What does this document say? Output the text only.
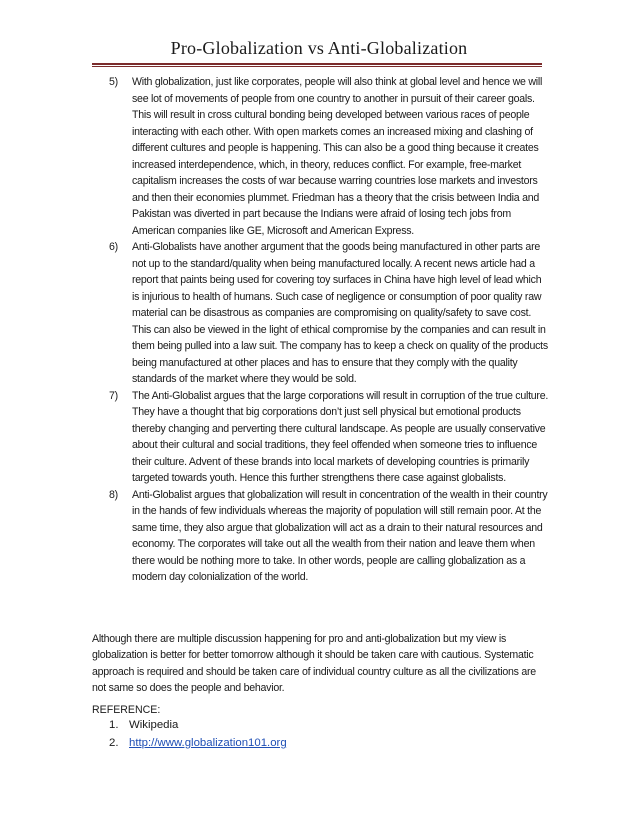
Pro-Globalization vs Anti-Globalization
5) With globalization, just like corporates, people will also think at global level and hence we will see lot of movements of people from one country to another in pursuit of their career goals. This will result in cross cultural bonding being developed between various races of people interacting with each other. With open markets comes an increased mixing and clashing of different cultures and people is happening. This can also be a good thing because it creates increased interdependence, which, in theory, reduces conflict. For example, free-market capitalism increases the costs of war because warring countries lose markets and investors and then their economies plummet. Friedman has a theory that the crisis between India and Pakistan was diverted in part because the Indians were afraid of losing tech jobs from American companies like GE, Microsoft and American Express.
6) Anti-Globalists have another argument that the goods being manufactured in other parts are not up to the standard/quality when being manufactured locally. A recent news article had a report that paints being used for covering toy surfaces in China have high level of lead which is injurious to health of humans. Such case of negligence or consumption of poor quality raw material can be disastrous as companies are compromising on quality/safety to save cost. This can also be viewed in the light of ethical compromise by the companies and can result in them being pulled into a law suit. The company has to keep a check on quality of the products being manufactured at other places and has to ensure that they comply with the quality standards of the market where they would be sold.
7) The Anti-Globalist argues that the large corporations will result in corruption of the true culture. They have a thought that big corporations don’t just sell physical but emotional products thereby changing and perverting there cultural landscape. As people are usually conservative about their cultural and social traditions, they feel offended when someone tries to influence their culture. Advent of these brands into local markets of developing countries is primarily targeted towards youth. Hence this further strengthens there case against globalists.
8) Anti-Globalist argues that globalization will result in concentration of the wealth in their country in the hands of few individuals whereas the majority of population will still remain poor. At the same time, they also argue that globalization will act as a drain to their natural resources and economy. The corporates will take out all the wealth from their nation and leave them when there would be nothing more to take. In other words, people are calling globalization as a modern day colonialization of the world.

Although there are multiple discussion happening for pro and anti-globalization but my view is globalization is better for better tomorrow although it should be taken care with cautious. Systematic approach is required and should be taken care of individual country culture as all the civilizations are not same so does the people and behavior.

REFERENCE:
1. Wikipedia
2. http://www.globalization101.org
